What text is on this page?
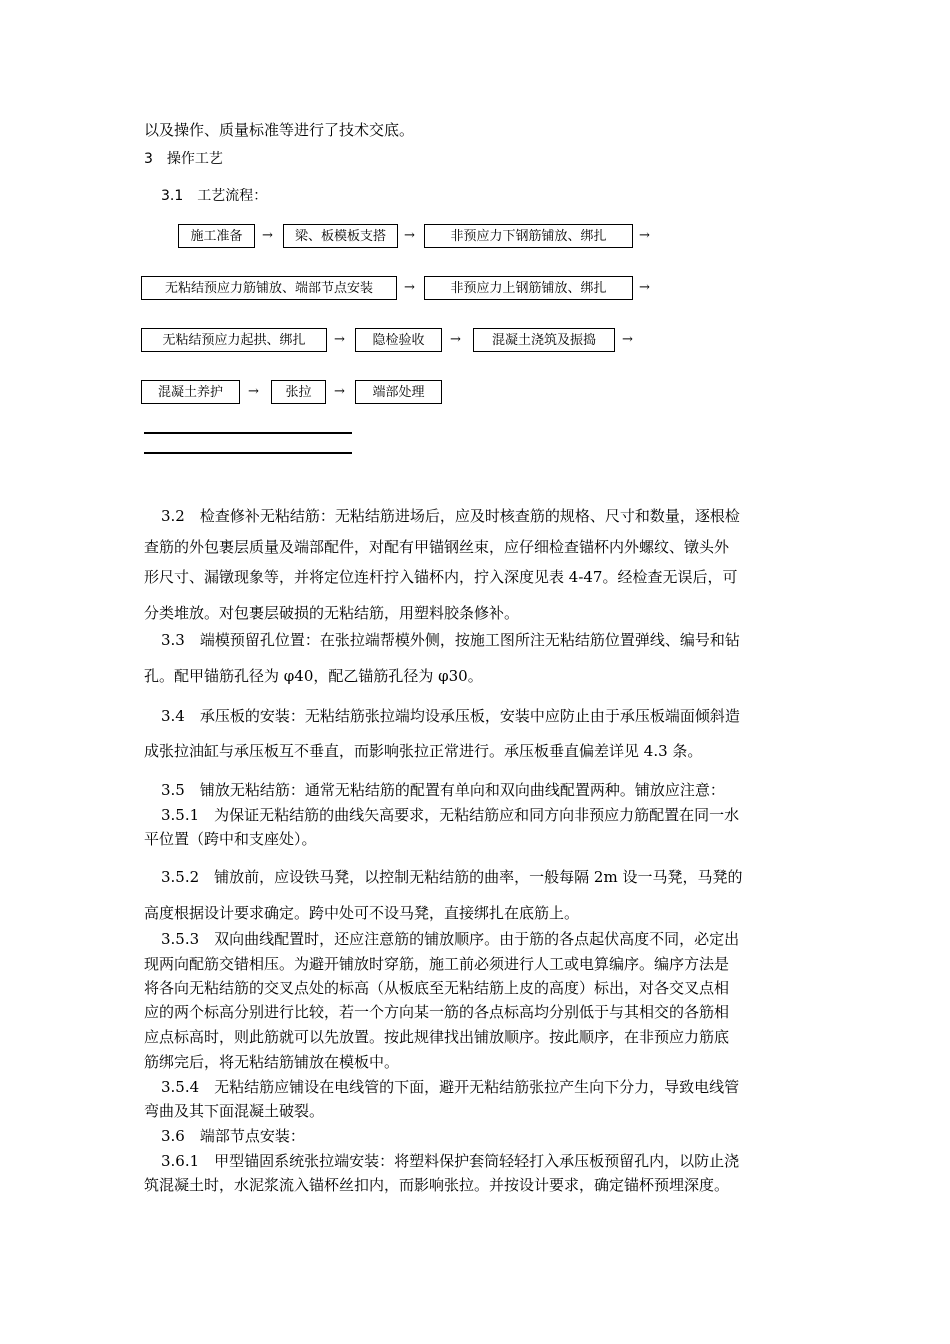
以及操作、质量标准等进行了技术交底。
3　操作工艺
3.1　工艺流程：
施工准备	→	梁、板模板支搭	→	非预应力下钢筋铺放、绑扎	→
无粘结预应力筋铺放、端部节点安装	→	非预应力上钢筋铺放、绑扎	→
无粘结预应力起拱、绑扎	→	隐检验收	→	混凝土浇筑及振捣	→
混凝土养护	→	张拉	→	端部处理
3.2　检查修补无粘结筋：无粘结筋进场后，应及时核查筋的规格、尺寸和数量，逐根检
查筋的外包裹层质量及端部配件，对配有甲锚钢丝束，应仔细检查锚杯内外螺纹、镦头外
形尺寸、漏镦现象等，并将定位连杆拧入锚杯内，拧入深度见表 4-47。经检查无误后，可
分类堆放。对包裹层破损的无粘结筋，用塑料胶条修补。
3.3　端模预留孔位置：在张拉端帮模外侧，按施工图所注无粘结筋位置弹线、编号和钻
孔。配甲锚筋孔径为 φ40，配乙锚筋孔径为 φ30。
3.4　承压板的安装：无粘结筋张拉端均设承压板，安装中应防止由于承压板端面倾斜造
成张拉油缸与承压板互不垂直，而影响张拉正常进行。承压板垂直偏差详见 4.3 条。
3.5　铺放无粘结筋：通常无粘结筋的配置有单向和双向曲线配置两种。铺放应注意：
3.5.1　为保证无粘结筋的曲线矢高要求，无粘结筋应和同方向非预应力筋配置在同一水
平位置（跨中和支座处）。
3.5.2　铺放前，应设铁马凳，以控制无粘结筋的曲率，一般每隔 2m 设一马凳，马凳的
高度根据设计要求确定。跨中处可不设马凳，直接绑扎在底筋上。
3.5.3　双向曲线配置时，还应注意筋的铺放顺序。由于筋的各点起伏高度不同，必定出
现两向配筋交错相压。为避开铺放时穿筋，施工前必须进行人工或电算编序。编序方法是
将各向无粘结筋的交叉点处的标高（从板底至无粘结筋上皮的高度）标出，对各交叉点相
应的两个标高分别进行比较，若一个方向某一筋的各点标高均分别低于与其相交的各筋相
应点标高时，则此筋就可以先放置。按此规律找出铺放顺序。按此顺序，在非预应力筋底
筋绑完后，将无粘结筋铺放在模板中。
3.5.4　无粘结筋应铺设在电线管的下面，避开无粘结筋张拉产生向下分力，导致电线管
弯曲及其下面混凝土破裂。
3.6　端部节点安装：
3.6.1　甲型锚固系统张拉端安装：将塑料保护套筒轻轻打入承压板预留孔内，以防止浇
筑混凝土时，水泥浆流入锚杯丝扣内，而影响张拉。并按设计要求，确定锚杯预埋深度。
